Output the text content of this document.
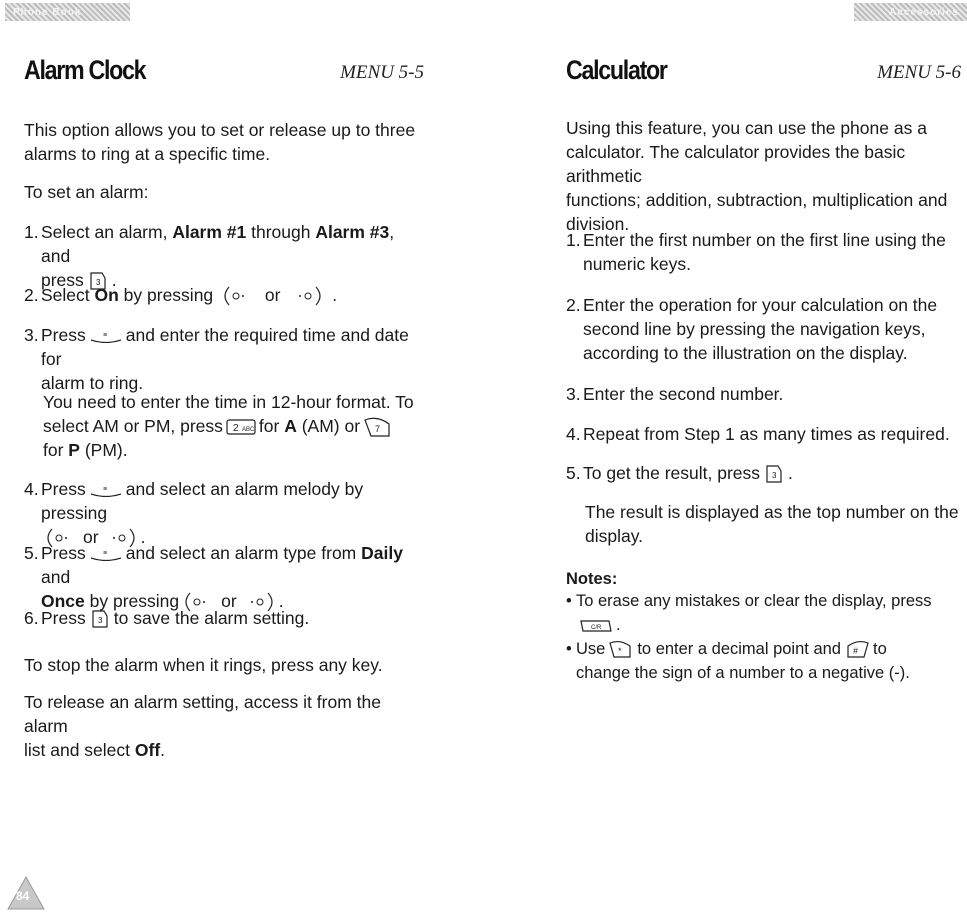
Phone Book	Accessories
Alarm Clock	MENU 5-5

This option allows you to set or release up to three
alarms to ring at a specific time.

To set an alarm:

1. Select an alarm, Alarm #1 through Alarm #3, and
press 3 .

2. Select On by pressing	or	.

3. Press ≡ and enter the required time and date for
alarm to ring.

You need to enter the time in 12-hour format. To
select AM or PM, press 2 ABC for A (AM) or 7
for P (PM).

4. Press ≡ and select an alarm melody by pressing
or .

5. Press ≡ and select an alarm type from Daily and
Once by pressing or .

6. Press 3 to save the alarm setting.

To stop the alarm when it rings, press any key.

To release an alarm setting, access it from the alarm
list and select Off.

Calculator	MENU 5-6

Using this feature, you can use the phone as a
calculator. The calculator provides the basic arithmetic
functions; addition, subtraction, multiplication and
division.

1. Enter the first number on the first line using the
numeric keys.

2. Enter the operation for your calculation on the
second line by pressing the navigation keys,
according to the illustration on the display.

3. Enter the second number.

4. Repeat from Step 1 as many times as required.

5. To get the result, press 3 .

The result is displayed as the top number on the
display.

Notes:
• To erase any mistakes or clear the display, press
C/R .
• Use * to enter a decimal point and # to
change the sign of a number to a negative (-).
84
